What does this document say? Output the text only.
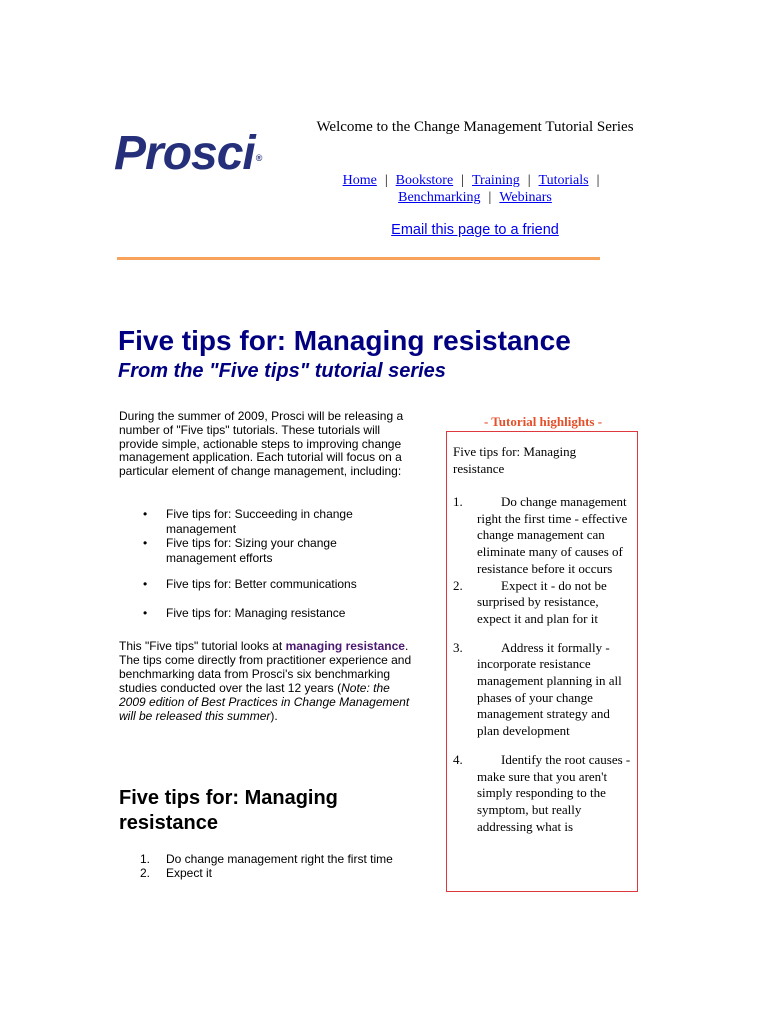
Prosci®
Welcome to the Change Management Tutorial Series
Home | Bookstore | Training | Tutorials |
Benchmarking | Webinars
Email this page to a friend
Five tips for: Managing resistance
From the "Five tips" tutorial series
During the summer of 2009, Prosci will be releasing a number of "Five tips" tutorials. These tutorials will provide simple, actionable steps to improving change management application. Each tutorial will focus on a particular element of change management, including:
• Five tips for: Succeeding in change management
• Five tips for: Sizing your change management efforts
• Five tips for: Better communications
• Five tips for: Managing resistance
This "Five tips" tutorial looks at managing resistance. The tips come directly from practitioner experience and benchmarking data from Prosci's six benchmarking studies conducted over the last 12 years (Note: the 2009 edition of Best Practices in Change Management will be released this summer).
Five tips for: Managing resistance
1. Do change management right the first time
2. Expect it
- Tutorial highlights -
Five tips for: Managing resistance
1.	Do change management right the first time - effective change management can eliminate many of causes of resistance before it occurs
2.	Expect it - do not be surprised by resistance, expect it and plan for it
3.	Address it formally - incorporate resistance management planning in all phases of your change management strategy and plan development
4.	Identify the root causes - make sure that you aren't simply responding to the symptom, but really addressing what is
